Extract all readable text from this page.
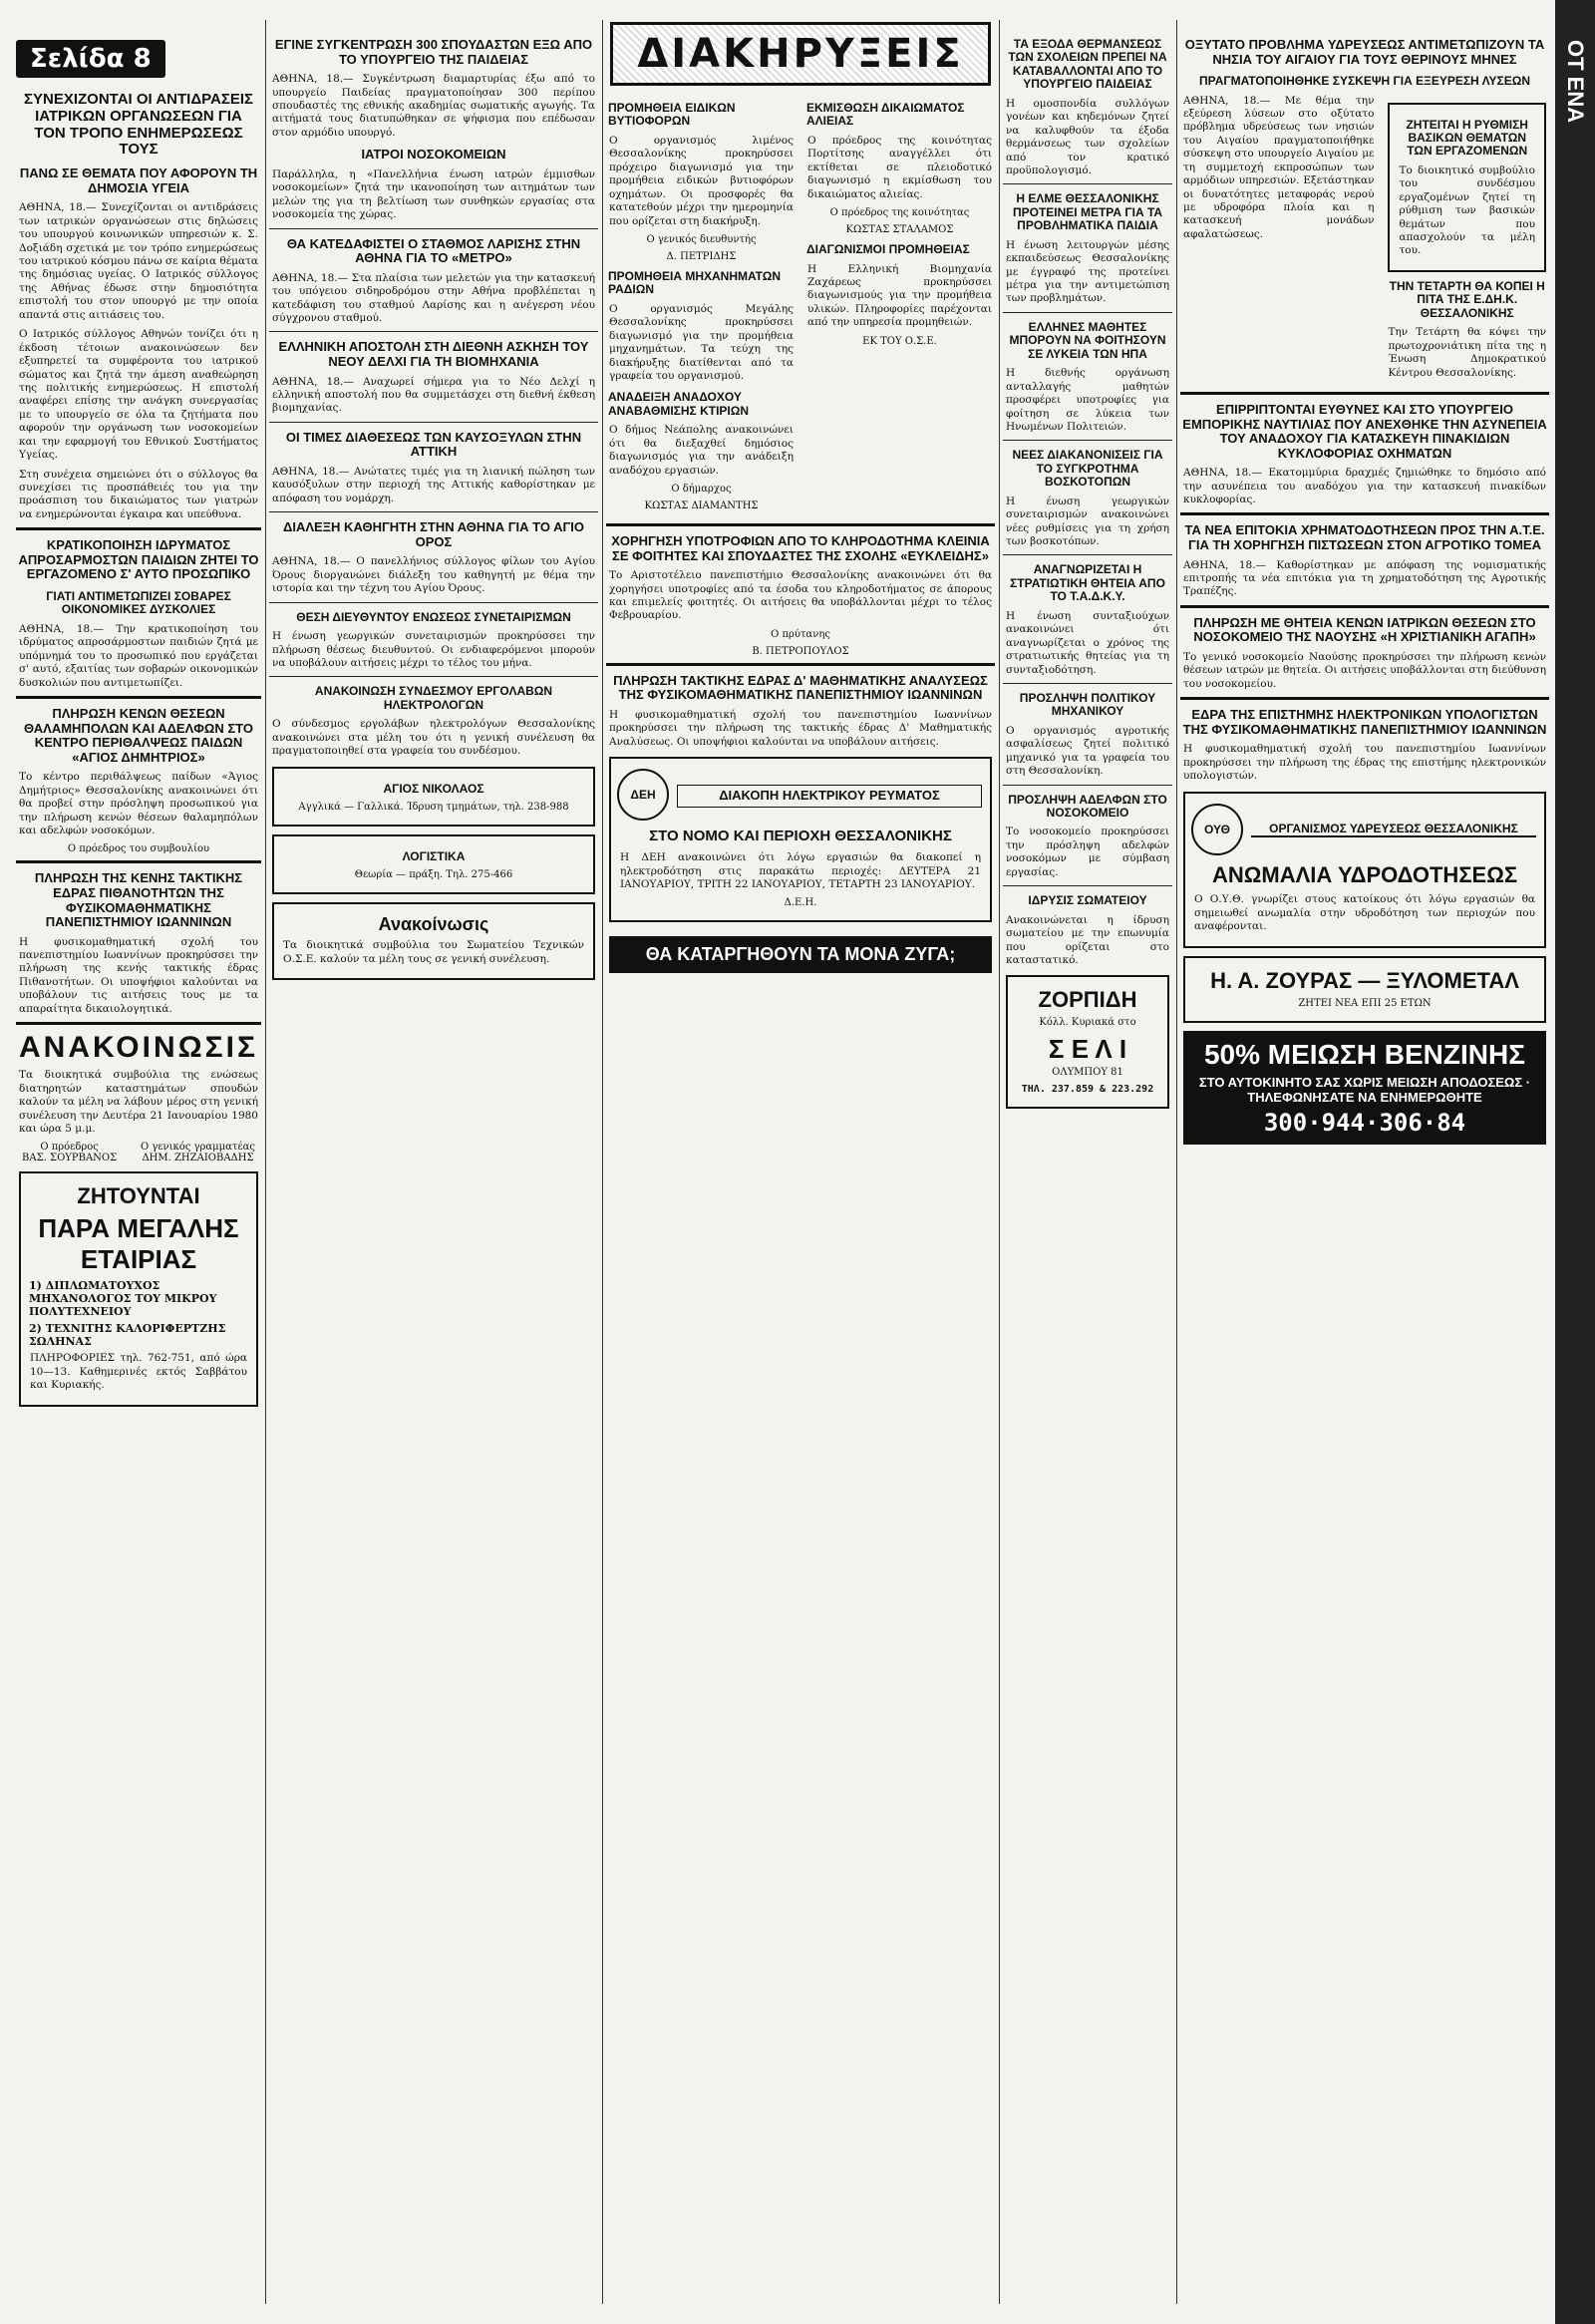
Σελίδα 8
ΣΥΝΕΧΙΖΟΝΤΑΙ ΟΙ ΑΝΤΙΔΡΑΣΕΙΣ ΙΑΤΡΙΚΩΝ ΟΡΓΑΝΩΣΕΩΝ ΓΙΑ ΤΟΝ ΤΡΟΠΟ ΕΝΗΜΕΡΩΣΕΩΣ ΤΟΥΣ
ΠΑΝΩ ΣΕ ΘΕΜΑΤΑ ΠΟΥ ΑΦΟΡΟΥΝ ΤΗ ΔΗΜΟΣΙΑ ΥΓΕΙΑ
ΑΘΗΝΑ, 18.— Συνεχίζονται οι αντιδράσεις των ιατρικών οργανώσεων στις δηλώσεις του υπουργού κοινωνικών υπηρεσιών κ. Σ. Δοξιάδη σχετικά με τον τρόπο ενημερώσεως του ιατρικού κόσμου πάνω σε καίρια θέματα της δημόσιας υγείας. Ο Ιατρικός σύλλογος της Αθήνας έδωσε στην δημοσιότητα επιστολή του στον υπουργό με την οποία απαντά στις αιτιάσεις του.
Ο Ιατρικός σύλλογος Αθηνών τονίζει ότι η έκδοση τέτοιων ανακοινώσεων δεν εξυπηρετεί τα συμφέροντα του ιατρικού σώματος και ζητά την άμεση αναθεώρηση της πολιτικής ενημερώσεως. Η επιστολή αναφέρει επίσης την ανάγκη συνεργασίας με το υπουργείο σε όλα τα ζητήματα που αφορούν την οργάνωση των νοσοκομείων και την εφαρμογή του Εθνικού Συστήματος Υγείας.
Στη συνέχεια σημειώνει ότι ο σύλλογος θα συνεχίσει τις προσπάθειές του για την προάσπιση του δικαιώματος των γιατρών να ενημερώνονται έγκαιρα και υπεύθυνα.
ΚΡΑΤΙΚΟΠΟΙΗΣΗ ΙΔΡΥΜΑΤΟΣ ΑΠΡΟΣΑΡΜΟΣΤΩΝ ΠΑΙΔΙΩΝ ΖΗΤΕΙ ΤΟ ΕΡΓΑΖΟΜΕΝΟ Σ' ΑΥΤΟ ΠΡΟΣΩΠΙΚΟ
ΓΙΑΤΙ ΑΝΤΙΜΕΤΩΠΙΖΕΙ ΣΟΒΑΡΕΣ ΟΙΚΟΝΟΜΙΚΕΣ ΔΥΣΚΟΛΙΕΣ
ΑΘΗΝΑ, 18.— Την κρατικοποίηση του ιδρύματος απροσάρμοστων παιδιών ζητά με υπόμνημά του το προσωπικό που εργάζεται σ' αυτό, εξαιτίας των σοβαρών οικονομικών δυσκολιών που αντιμετωπίζει.
ΠΛΗΡΩΣΗ ΚΕΝΩΝ ΘΕΣΕΩΝ ΘΑΛΑΜΗΠΟΛΩΝ ΚΑΙ ΑΔΕΛΦΩΝ ΣΤΟ ΚΕΝΤΡΟ ΠΕΡΙΘΑΛΨΕΩΣ ΠΑΙΔΩΝ «ΑΓΙΟΣ ΔΗΜΗΤΡΙΟΣ»
Το κέντρο περιθάλψεως παίδων «Άγιος Δημήτριος» Θεσσαλονίκης ανακοινώνει ότι θα προβεί στην πρόσληψη προσωπικού για την πλήρωση κενών θέσεων θαλαμηπόλων και αδελφών νοσοκόμων.
Ο πρόεδρος του συμβουλίου
ΠΛΗΡΩΣΗ ΤΗΣ ΚΕΝΗΣ ΤΑΚΤΙΚΗΣ ΕΔΡΑΣ ΠΙΘΑΝΟΤΗΤΩΝ ΤΗΣ ΦΥΣΙΚΟΜΑΘΗΜΑΤΙΚΗΣ ΠΑΝΕΠΙΣΤΗΜΙΟΥ ΙΩΑΝΝΙΝΩΝ
Η φυσικομαθηματική σχολή του πανεπιστημίου Ιωαννίνων προκηρύσσει την πλήρωση της κενής τακτικής έδρας Πιθανοτήτων. Οι υποψήφιοι καλούνται να υποβάλουν τις αιτήσεις τους με τα απαραίτητα δικαιολογητικά.
ΑΝΑΚΟΙΝΩΣΙΣ
Τα διοικητικά συμβούλια της ενώσεως διατηρητών καταστημάτων σπουδών καλούν τα μέλη να λάβουν μέρος στη γενική συνέλευση την Δευτέρα 21 Ιανουαρίου 1980 και ώρα 5 μ.μ.
Ο πρόεδρος
ΒΑΣ. ΣΟΥΡΒΑΝΟΣ
Ο γενικός γραμματέας
ΔΗΜ. ΖΗΖΑΙΟΒΑΔΗΣ
ΖΗΤΟΥΝΤΑΙ
ΠΑΡΑ ΜΕΓΑΛΗΣ ΕΤΑΙΡΙΑΣ
1) ΔΙΠΛΩΜΑΤΟΥΧΟΣ ΜΗΧΑΝΟΛΟΓΟΣ ΤΟΥ ΜΙΚΡΟΥ ΠΟΛΥΤΕΧΝΕΙΟΥ
2) ΤΕΧΝΙΤΗΣ ΚΑΛΟΡΙΦΕΡΤΖΗΣ ΣΩΛΗΝΑΣ
ΠΛΗΡΟΦΟΡΙΕΣ τηλ. 762-751, από ώρα 10—13. Καθημερινές εκτός Σαββάτου και Κυριακής.
ΕΓΙΝΕ ΣΥΓΚΕΝΤΡΩΣΗ 300 ΣΠΟΥΔΑΣΤΩΝ ΕΞΩ ΑΠΟ ΤΟ ΥΠΟΥΡΓΕΙΟ ΤΗΣ ΠΑΙΔΕΙΑΣ
ΑΘΗΝΑ, 18.— Συγκέντρωση διαμαρτυρίας έξω από το υπουργείο Παιδείας πραγματοποίησαν 300 περίπου σπουδαστές της εθνικής ακαδημίας σωματικής αγωγής. Τα αιτήματά τους διατυπώθηκαν σε ψήφισμα που επέδωσαν στον αρμόδιο υπουργό.
ΙΑΤΡΟΙ ΝΟΣΟΚΟΜΕΙΩΝ
Παράλληλα, η «Πανελλήνια ένωση ιατρών έμμισθων νοσοκομείων» ζητά την ικανοποίηση των αιτημάτων των μελών της για τη βελτίωση των συνθηκών εργασίας στα νοσοκομεία της χώρας.
ΘΑ ΚΑΤΕΔΑΦΙΣΤΕΙ Ο ΣΤΑΘΜΟΣ ΛΑΡΙΣΗΣ ΣΤΗΝ ΑΘΗΝΑ ΓΙΑ ΤΟ «ΜΕΤΡΟ»
ΑΘΗΝΑ, 18.— Στα πλαίσια των μελετών για την κατασκευή του υπόγειου σιδηροδρόμου στην Αθήνα προβλέπεται η κατεδάφιση του σταθμού Λαρίσης και η ανέγερση νέου σύγχρονου σταθμού.
ΕΛΛΗΝΙΚΗ ΑΠΟΣΤΟΛΗ ΣΤΗ ΔΙΕΘΝΗ ΑΣΚΗΣΗ ΤΟΥ ΝΕΟΥ ΔΕΛΧΙ ΓΙΑ ΤΗ ΒΙΟΜΗΧΑΝΙΑ
ΑΘΗΝΑ, 18.— Αναχωρεί σήμερα για το Νέο Δελχί η ελληνική αποστολή που θα συμμετάσχει στη διεθνή έκθεση βιομηχανίας.
ΟΙ ΤΙΜΕΣ ΔΙΑΘΕΣΕΩΣ ΤΩΝ ΚΑΥΣΟΞΥΛΩΝ ΣΤΗΝ ΑΤΤΙΚΗ
ΑΘΗΝΑ, 18.— Ανώτατες τιμές για τη λιανική πώληση των καυσόξυλων στην περιοχή της Αττικής καθορίστηκαν με απόφαση του νομάρχη.
ΔΙΑΛΕΞΗ ΚΑΘΗΓΗΤΗ ΣΤΗΝ ΑΘΗΝΑ ΓΙΑ ΤΟ ΑΓΙΟ ΟΡΟΣ
ΑΘΗΝΑ, 18.— Ο πανελλήνιος σύλλογος φίλων του Αγίου Όρους διοργανώνει διάλεξη του καθηγητή με θέμα την ιστορία και την τέχνη του Αγίου Όρους.
ΘΕΣΗ ΔΙΕΥΘΥΝΤΟΥ ΕΝΩΣΕΩΣ ΣΥΝΕΤΑΙΡΙΣΜΩΝ
Η ένωση γεωργικών συνεταιρισμών προκηρύσσει την πλήρωση θέσεως διευθυντού. Οι ενδιαφερόμενοι μπορούν να υποβάλουν αιτήσεις μέχρι το τέλος του μήνα.
ΑΝΑΚΟΙΝΩΣΗ ΣΥΝΔΕΣΜΟΥ ΕΡΓΟΛΑΒΩΝ ΗΛΕΚΤΡΟΛΟΓΩΝ
Ο σύνδεσμος εργολάβων ηλεκτρολόγων Θεσσαλονίκης ανακοινώνει στα μέλη του ότι η γενική συνέλευση θα πραγματοποιηθεί στα γραφεία του συνδέσμου.
ΑΓΙΟΣ ΝΙΚΟΛΑΟΣ
Αγγλικά — Γαλλικά. Ίδρυση τμημάτων, τηλ. 238-988
ΛΟΓΙΣΤΙΚΑ
Θεωρία — πράξη. Τηλ. 275-466
Ανακοίνωσις
Τα διοικητικά συμβούλια του Σωματείου Τεχνικών Ο.Σ.Ε. καλούν τα μέλη τους σε γενική συνέλευση.
ΔΙΑΚΗΡΥΞΕΙΣ
ΠΡΟΜΗΘΕΙΑ ΕΙΔΙΚΩΝ ΒΥΤΙΟΦΟΡΩΝ
Ο οργανισμός λιμένος Θεσσαλονίκης προκηρύσσει πρόχειρο διαγωνισμό για την προμήθεια ειδικών βυτιοφόρων οχημάτων. Οι προσφορές θα κατατεθούν μέχρι την ημερομηνία που ορίζεται στη διακήρυξη.
Ο γενικός διευθυντής
Δ. ΠΕΤΡΙΔΗΣ
ΠΡΟΜΗΘΕΙΑ ΜΗΧΑΝΗΜΑΤΩΝ ΡΑΔΙΩΝ
Ο οργανισμός Μεγάλης Θεσσαλονίκης προκηρύσσει διαγωνισμό για την προμήθεια μηχανημάτων. Τα τεύχη της διακήρυξης διατίθενται από τα γραφεία του οργανισμού.
ΑΝΑΔΕΙΞΗ ΑΝΑΔΟΧΟΥ ΑΝΑΒΑΘΜΙΣΗΣ ΚΤΙΡΙΩΝ
Ο δήμος Νεάπολης ανακοινώνει ότι θα διεξαχθεί δημόσιος διαγωνισμός για την ανάδειξη αναδόχου εργασιών.
Ο δήμαρχος
ΚΩΣΤΑΣ ΔΙΑΜΑΝΤΗΣ
ΕΚΜΙΣΘΩΣΗ ΔΙΚΑΙΩΜΑΤΟΣ ΑΛΙΕΙΑΣ
Ο πρόεδρος της κοινότητας Πορτίτσης αναγγέλλει ότι εκτίθεται σε πλειοδοτικό διαγωνισμό η εκμίσθωση του δικαιώματος αλιείας.
Ο πρόεδρος της κοινότητας
ΚΩΣΤΑΣ ΣΤΑΛΑΜΟΣ
ΔΙΑΓΩΝΙΣΜΟΙ ΠΡΟΜΗΘΕΙΑΣ
Η Ελληνική Βιομηχανία Ζαχάρεως προκηρύσσει διαγωνισμούς για την προμήθεια υλικών. Πληροφορίες παρέχονται από την υπηρεσία προμηθειών.
ΕΚ ΤΟΥ Ο.Σ.Ε.
ΧΟΡΗΓΗΣΗ ΥΠΟΤΡΟΦΙΩΝ ΑΠΟ ΤΟ ΚΛΗΡΟΔΟΤΗΜΑ ΚΛΕΙΝΙΑ ΣΕ ΦΟΙΤΗΤΕΣ ΚΑΙ ΣΠΟΥΔΑΣΤΕΣ ΤΗΣ ΣΧΟΛΗΣ «ΕΥΚΛΕΙΔΗΣ»
Το Αριστοτέλειο πανεπιστήμιο Θεσσαλονίκης ανακοινώνει ότι θα χορηγήσει υποτροφίες από τα έσοδα του κληροδοτήματος σε άπορους και επιμελείς φοιτητές. Οι αιτήσεις θα υποβάλλονται μέχρι το τέλος Φεβρουαρίου.
Ο πρύτανης
Β. ΠΕΤΡΟΠΟΥΛΟΣ
ΠΛΗΡΩΣΗ ΤΑΚΤΙΚΗΣ ΕΔΡΑΣ Δ' ΜΑΘΗΜΑΤΙΚΗΣ ΑΝΑΛΥΣΕΩΣ ΤΗΣ ΦΥΣΙΚΟΜΑΘΗΜΑΤΙΚΗΣ ΠΑΝΕΠΙΣΤΗΜΙΟΥ ΙΩΑΝΝΙΝΩΝ
Η φυσικομαθηματική σχολή του πανεπιστημίου Ιωαννίνων προκηρύσσει την πλήρωση της τακτικής έδρας Δ' Μαθηματικής Αναλύσεως. Οι υποψήφιοι καλούνται να υποβάλουν αιτήσεις.
ΔΕΗ	ΔΙΑΚΟΠΗ ΗΛΕΚΤΡΙΚΟΥ ΡΕΥΜΑΤΟΣ
ΣΤΟ ΝΟΜΟ ΚΑΙ ΠΕΡΙΟΧΗ ΘΕΣΣΑΛΟΝΙΚΗΣ
Η ΔΕΗ ανακοινώνει ότι λόγω εργασιών θα διακοπεί η ηλεκτροδότηση στις παρακάτω περιοχές: ΔΕΥΤΕΡΑ 21 ΙΑΝΟΥΑΡΙΟΥ, ΤΡΙΤΗ 22 ΙΑΝΟΥΑΡΙΟΥ, ΤΕΤΑΡΤΗ 23 ΙΑΝΟΥΑΡΙΟΥ.
Δ.Ε.Η.
ΘΑ ΚΑΤΑΡΓΗΘΟΥΝ ΤΑ ΜΟΝΑ ΖΥΓΑ;
ΤΑ ΕΞΟΔΑ ΘΕΡΜΑΝΣΕΩΣ ΤΩΝ ΣΧΟΛΕΙΩΝ ΠΡΕΠΕΙ ΝΑ ΚΑΤΑΒΑΛΛΟΝΤΑΙ ΑΠΟ ΤΟ ΥΠΟΥΡΓΕΙΟ ΠΑΙΔΕΙΑΣ
Η ομοσπονδία συλλόγων γονέων και κηδεμόνων ζητεί να καλυφθούν τα έξοδα θερμάνσεως των σχολείων από τον κρατικό προϋπολογισμό.
Η ΕΛΜΕ ΘΕΣΣΑΛΟΝΙΚΗΣ ΠΡΟΤΕΙΝΕΙ ΜΕΤΡΑ ΓΙΑ ΤΑ ΠΡΟΒΛΗΜΑΤΙΚΑ ΠΑΙΔΙΑ
Η ένωση λειτουργών μέσης εκπαιδεύσεως Θεσσαλονίκης με έγγραφό της προτείνει μέτρα για την αντιμετώπιση των προβλημάτων.
ΕΛΛΗΝΕΣ ΜΑΘΗΤΕΣ ΜΠΟΡΟΥΝ ΝΑ ΦΟΙΤΗΣΟΥΝ ΣΕ ΛΥΚΕΙΑ ΤΩΝ ΗΠΑ
Η διεθνής οργάνωση ανταλλαγής μαθητών προσφέρει υποτροφίες για φοίτηση σε λύκεια των Ηνωμένων Πολιτειών.
ΝΕΕΣ ΔΙΑΚΑΝΟΝΙΣΕΙΣ ΓΙΑ ΤΟ ΣΥΓΚΡΟΤΗΜΑ ΒΟΣΚΟΤΟΠΩΝ
Η ένωση γεωργικών συνεταιρισμών ανακοινώνει νέες ρυθμίσεις για τη χρήση των βοσκοτόπων.
ΑΝΑΓΝΩΡΙΖΕΤΑΙ Η ΣΤΡΑΤΙΩΤΙΚΗ ΘΗΤΕΙΑ ΑΠΟ ΤΟ Τ.Α.Δ.Κ.Υ.
Η ένωση συνταξιούχων ανακοινώνει ότι αναγνωρίζεται ο χρόνος της στρατιωτικής θητείας για τη συνταξιοδότηση.
ΠΡΟΣΛΗΨΗ ΠΟΛΙΤΙΚΟΥ ΜΗΧΑΝΙΚΟΥ
Ο οργανισμός αγροτικής ασφαλίσεως ζητεί πολιτικό μηχανικό για τα γραφεία του στη Θεσσαλονίκη.
ΠΡΟΣΛΗΨΗ ΑΔΕΛΦΩΝ ΣΤΟ ΝΟΣΟΚΟΜΕΙΟ
Το νοσοκομείο προκηρύσσει την πρόσληψη αδελφών νοσοκόμων με σύμβαση εργασίας.
ΙΔΡΥΣΙΣ ΣΩΜΑΤΕΙΟΥ
Ανακοινώνεται η ίδρυση σωματείου με την επωνυμία που ορίζεται στο καταστατικό.
ΖΟΡΠΙΔΗ
Κόλλ. Κυριακά στο
Σ Ε Λ Ι
ΟΛΥΜΠΟΥ 81
ΤΗΛ. 237.859 & 223.292
ΟΞΥΤΑΤΟ ΠΡΟΒΛΗΜΑ ΥΔΡΕΥΣΕΩΣ ΑΝΤΙΜΕΤΩΠΙΖΟΥΝ ΤΑ ΝΗΣΙΑ ΤΟΥ ΑΙΓΑΙΟΥ ΓΙΑ ΤΟΥΣ ΘΕΡΙΝΟΥΣ ΜΗΝΕΣ
ΠΡΑΓΜΑΤΟΠΟΙΗΘΗΚΕ ΣΥΣΚΕΨΗ ΓΙΑ ΕΞΕΥΡΕΣΗ ΛΥΣΕΩΝ
ΑΘΗΝΑ, 18.— Με θέμα την εξεύρεση λύσεων στο οξύτατο πρόβλημα υδρεύσεως των νησιών του Αιγαίου πραγματοποιήθηκε σύσκεψη στο υπουργείο Αιγαίου με τη συμμετοχή εκπροσώπων των αρμόδιων υπηρεσιών. Εξετάστηκαν οι δυνατότητες μεταφοράς νερού με υδροφόρα πλοία και η κατασκευή μονάδων αφαλατώσεως.
ΖΗΤΕΙΤΑΙ Η ΡΥΘΜΙΣΗ ΒΑΣΙΚΩΝ ΘΕΜΑΤΩΝ ΤΩΝ ΕΡΓΑΖΟΜΕΝΩΝ
Το διοικητικό συμβούλιο του συνδέσμου εργαζομένων ζητεί τη ρύθμιση των βασικών θεμάτων που απασχολούν τα μέλη του.
ΤΗΝ ΤΕΤΑΡΤΗ ΘΑ ΚΟΠΕΙ Η ΠΙΤΑ ΤΗΣ Ε.ΔΗ.Κ. ΘΕΣΣΑΛΟΝΙΚΗΣ
Την Τετάρτη θα κόψει την πρωτοχρονιάτικη πίτα της η Ένωση Δημοκρατικού Κέντρου Θεσσαλονίκης.
ΕΠΙΡΡΙΠΤΟΝΤΑΙ ΕΥΘΥΝΕΣ ΚΑΙ ΣΤΟ ΥΠΟΥΡΓΕΙΟ ΕΜΠΟΡΙΚΗΣ ΝΑΥΤΙΛΙΑΣ ΠΟΥ ΑΝΕΧΘΗΚΕ ΤΗΝ ΑΣΥΝΕΠΕΙΑ ΤΟΥ ΑΝΑΔΟΧΟΥ ΓΙΑ ΚΑΤΑΣΚΕΥΗ ΠΙΝΑΚΙΔΙΩΝ ΚΥΚΛΟΦΟΡΙΑΣ ΟΧΗΜΑΤΩΝ
ΑΘΗΝΑ, 18.— Εκατομμύρια δραχμές ζημιώθηκε το δημόσιο από την ασυνέπεια του αναδόχου για την κατασκευή πινακίδων κυκλοφορίας.
ΤΑ ΝΕΑ ΕΠΙΤΟΚΙΑ ΧΡΗΜΑΤΟΔΟΤΗΣΕΩΝ ΠΡΟΣ ΤΗΝ Α.Τ.Ε. ΓΙΑ ΤΗ ΧΟΡΗΓΗΣΗ ΠΙΣΤΩΣΕΩΝ ΣΤΟΝ ΑΓΡΟΤΙΚΟ ΤΟΜΕΑ
ΑΘΗΝΑ, 18.— Καθορίστηκαν με απόφαση της νομισματικής επιτροπής τα νέα επιτόκια για τη χρηματοδότηση της Αγροτικής Τραπέζης.
ΠΛΗΡΩΣΗ ΜΕ ΘΗΤΕΙΑ ΚΕΝΩΝ ΙΑΤΡΙΚΩΝ ΘΕΣΕΩΝ ΣΤΟ ΝΟΣΟΚΟΜΕΙΟ ΤΗΣ ΝΑΟΥΣΗΣ «Η ΧΡΙΣΤΙΑΝΙΚΗ ΑΓΑΠΗ»
Το γενικό νοσοκομείο Ναούσης προκηρύσσει την πλήρωση κενών θέσεων ιατρών με θητεία. Οι αιτήσεις υποβάλλονται στη διεύθυνση του νοσοκομείου.
ΕΔΡΑ ΤΗΣ ΕΠΙΣΤΗΜΗΣ ΗΛΕΚΤΡΟΝΙΚΩΝ ΥΠΟΛΟΓΙΣΤΩΝ ΤΗΣ ΦΥΣΙΚΟΜΑΘΗΜΑΤΙΚΗΣ ΠΑΝΕΠΙΣΤΗΜΙΟΥ ΙΩΑΝΝΙΝΩΝ
Η φυσικομαθηματική σχολή του πανεπιστημίου Ιωαννίνων προκηρύσσει την πλήρωση της έδρας της επιστήμης ηλεκτρονικών υπολογιστών.
ΟΥΘ	ΟΡΓΑΝΙΣΜΟΣ ΥΔΡΕΥΣΕΩΣ ΘΕΣΣΑΛΟΝΙΚΗΣ
ΑΝΩΜΑΛΙΑ ΥΔΡΟΔΟΤΗΣΕΩΣ
Ο Ο.Υ.Θ. γνωρίζει στους κατοίκους ότι λόγω εργασιών θα σημειωθεί ανωμαλία στην υδροδότηση των περιοχών που αναφέρονται.
Η. Α. ΖΟΥΡΑΣ — ΞΥΛΟΜΕΤΑΛ
ΖΗΤΕΙ ΝΕΑ ΕΠΙ 25 ΕΤΩΝ
50% ΜΕΙΩΣΗ ΒΕΝΖΙΝΗΣ
ΣΤΟ ΑΥΤΟΚΙΝΗΤΟ ΣΑΣ ΧΩΡΙΣ ΜΕΙΩΣΗ ΑΠΟΔΟΣΕΩΣ · ΤΗΛΕΦΩΝΗΣΑΤΕ ΝΑ ΕΝΗΜΕΡΩΘΗΤΕ
300·944·306·84
ΟΤ ΕΝΑ
